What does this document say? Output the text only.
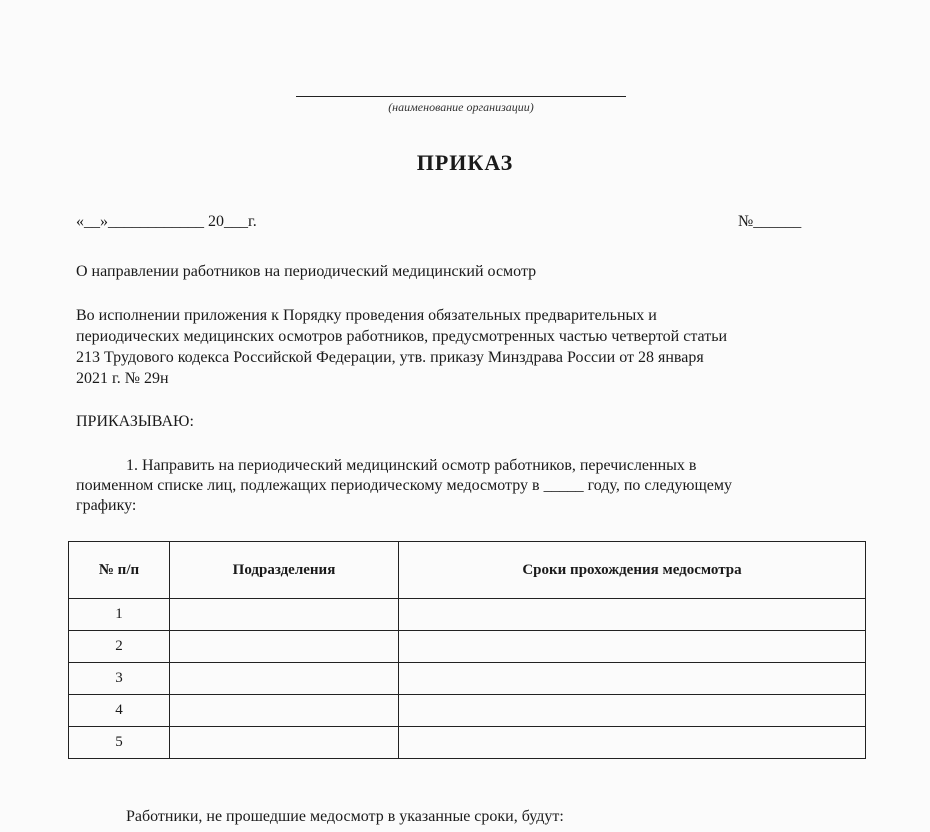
(наименование организации)
ПРИКАЗ
«__»____________ 20___г.	№______
О направлении работников на периодический медицинский осмотр
Во исполнении приложения к Порядку проведения обязательных предварительных и
периодических медицинских осмотров работников, предусмотренных частью четвертой статьи
213 Трудового кодекса Российской Федерации, утв. приказу Минздрава России от 28 января
2021 г. № 29н
ПРИКАЗЫВАЮ:
1. Направить на периодический медицинский осмотр работников, перечисленных в
поименном списке лиц, подлежащих периодическому медосмотру в _____ году, по следующему
графику:
№ п/п	Подразделения	Сроки прохождения медосмотра
1		
2		
3		
4		
5		
Работники, не прошедшие медосмотр в указанные сроки, будут:
